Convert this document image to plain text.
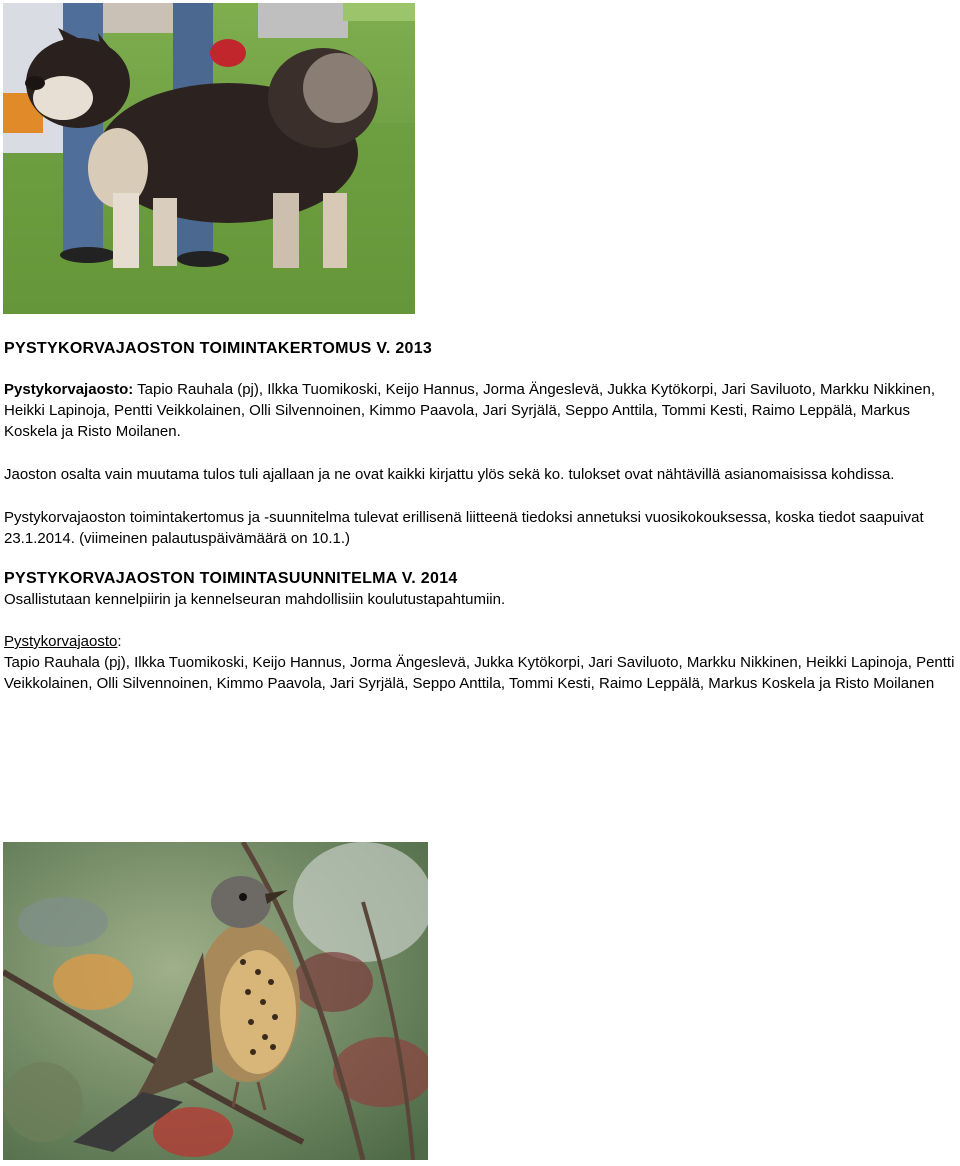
PYSTYKORVAJAOSTON TOIMINTAKERTOMUS V. 2013

Pystykorvajaosto: Tapio Rauhala (pj), Ilkka Tuomikoski, Keijo Hannus, Jorma Ängeslevä, Jukka Kytökorpi, Jari Saviluoto, Markku Nikkinen, Heikki Lapinoja, Pentti Veikkolainen, Olli Silvennoinen, Kimmo Paavola, Jari Syrjälä, Seppo Anttila, Tommi Kesti, Raimo Leppälä, Markus Koskela ja Risto Moilanen.

Jaoston osalta vain muutama tulos tuli ajallaan ja ne ovat kaikki kirjattu ylös sekä ko. tulokset ovat nähtävillä asianomaisissa kohdissa.

Pystykorvajaoston toimintakertomus ja -suunnitelma tulevat erillisenä liitteenä tiedoksi annetuksi vuosikokouksessa, koska tiedot saapuivat 23.1.2014. (viimeinen palautuspäivämäärä on 10.1.)

PYSTYKORVAJAOSTON TOIMINTASUUNNITELMA V. 2014

Osallistutaan kennelpiirin ja kennelseuran mahdollisiin koulutustapahtumiin.

Pystykorvajaosto:

Tapio Rauhala (pj), Ilkka Tuomikoski, Keijo Hannus, Jorma Ängeslevä, Jukka Kytökorpi, Jari Saviluoto, Markku Nikkinen, Heikki Lapinoja, Pentti Veikkolainen, Olli Silvennoinen, Kimmo Paavola, Jari Syrjälä, Seppo Anttila, Tommi Kesti, Raimo Leppälä, Markus Koskela ja Risto Moilanen
